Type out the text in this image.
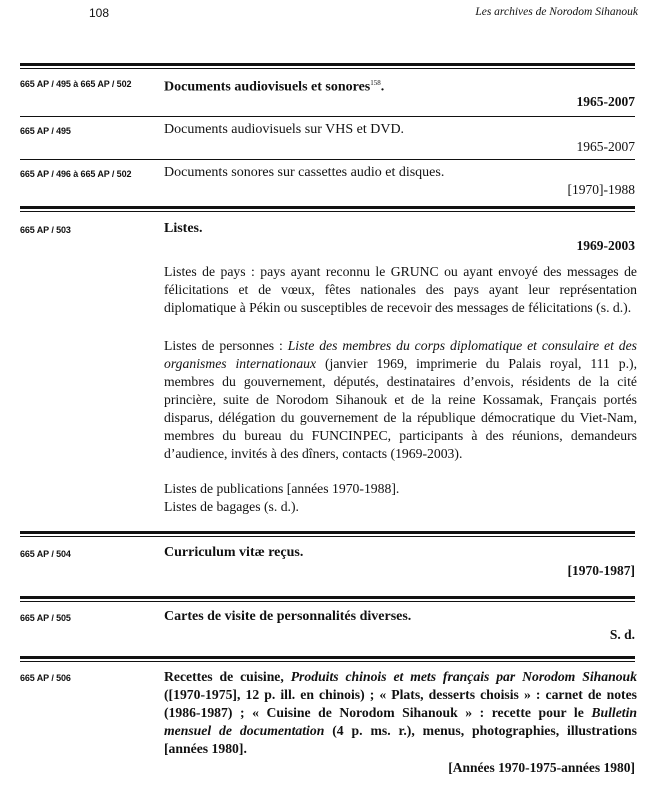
108	Les archives de Norodom Sihanouk
665 AP / 495 à 665 AP / 502 Documents audiovisuels et sonores$^{158}$.
1965-2007
665 AP / 495	Documents audiovisuels sur VHS et DVD.
1965-2007
665 AP / 496 à 665 AP / 502 Documents sonores sur cassettes audio et disques.
[1970]-1988
665 AP / 503	Listes.
1969-2003
Listes de pays : pays ayant reconnu le GRUNC ou ayant envoyé des messages de félicitations et de vœux, fêtes nationales des pays ayant leur représentation diplomatique à Pékin ou susceptibles de recevoir des messages de félicitations (s. d.).
Listes de personnes : Liste des membres du corps diplomatique et consulaire et des organismes internationaux (janvier 1969, imprimerie du Palais royal, 111 p.), membres du gouvernement, députés, destinataires d’envois, résidents de la cité princière, suite de Norodom Sihanouk et de la reine Kossamak, Français portés disparus, délégation du gouvernement de la république démocratique du Viet-Nam, membres du bureau du FUNCINPEC, participants à des réunions, demandeurs d’audience, invités à des dîners, contacts (1969-2003).
Listes de publications [années 1970-1988].
Listes de bagages (s. d.).
665 AP / 504	Curriculum vitæ reçus.
[1970-1987]
665 AP / 505	Cartes de visite de personnalités diverses.
S. d.
665 AP / 506	Recettes de cuisine, Produits chinois et mets français par Norodom Sihanouk ([1970-1975], 12 p. ill. en chinois) ; « Plats, desserts choisis » : carnet de notes (1986-1987) ; « Cuisine de Norodom Sihanouk » : recette pour le Bulletin mensuel de documentation (4 p. ms. r.), menus, photographies, illustrations [années 1980].
[Années 1970-1975-années 1980]
